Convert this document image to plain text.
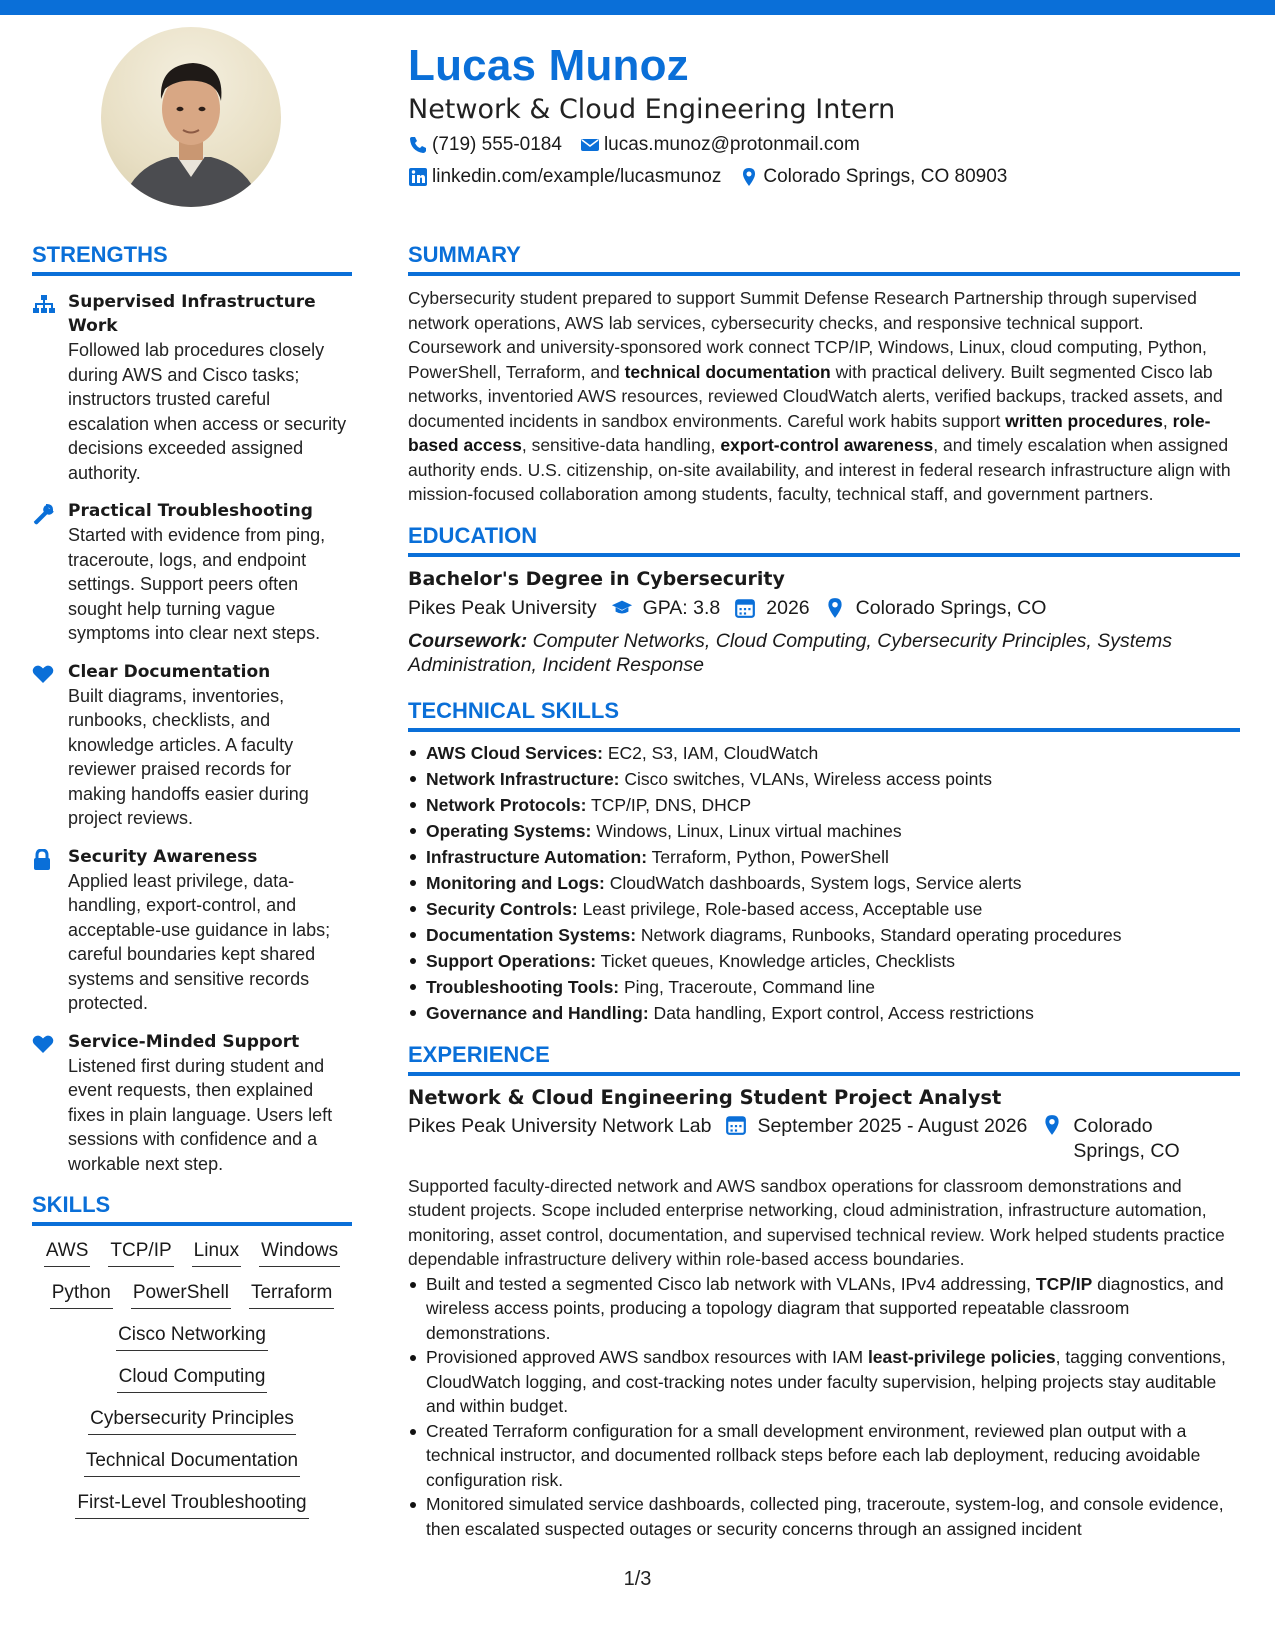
Lucas Munoz
Network & Cloud Engineering Intern
(719) 555-0184 lucas.munoz@protonmail.com
linkedin.com/example/lucasmunoz Colorado Springs, CO 80903
STRENGTHS
Supervised Infrastructure Work
Followed lab procedures closely during AWS and Cisco tasks; instructors trusted careful escalation when access or security decisions exceeded assigned authority.
Practical Troubleshooting
Started with evidence from ping, traceroute, logs, and endpoint settings. Support peers often sought help turning vague symptoms into clear next steps.
Clear Documentation
Built diagrams, inventories, runbooks, checklists, and knowledge articles. A faculty reviewer praised records for making handoffs easier during project reviews.
Security Awareness
Applied least privilege, data-handling, export-control, and acceptable-use guidance in labs; careful boundaries kept shared systems and sensitive records protected.
Service-Minded Support
Listened first during student and event requests, then explained fixes in plain language. Users left sessions with confidence and a workable next step.
SKILLS
AWS TCP/IP Linux Windows
Python PowerShell Terraform
Cisco Networking
Cloud Computing
Cybersecurity Principles
Technical Documentation
First-Level Troubleshooting
SUMMARY
Cybersecurity student prepared to support Summit Defense Research Partnership through supervised network operations, AWS lab services, cybersecurity checks, and responsive technical support. Coursework and university-sponsored work connect TCP/IP, Windows, Linux, cloud computing, Python, PowerShell, Terraform, and technical documentation with practical delivery. Built segmented Cisco lab networks, inventoried AWS resources, reviewed CloudWatch alerts, verified backups, tracked assets, and documented incidents in sandbox environments. Careful work habits support written procedures, role-based access, sensitive-data handling, export-control awareness, and timely escalation when assigned authority ends. U.S. citizenship, on-site availability, and interest in federal research infrastructure align with mission-focused collaboration among students, faculty, technical staff, and government partners.
EDUCATION
Bachelor's Degree in Cybersecurity
Pikes Peak University GPA: 3.8 2026 Colorado Springs, CO
Coursework: Computer Networks, Cloud Computing, Cybersecurity Principles, Systems Administration, Incident Response
TECHNICAL SKILLS
AWS Cloud Services: EC2, S3, IAM, CloudWatch
Network Infrastructure: Cisco switches, VLANs, Wireless access points
Network Protocols: TCP/IP, DNS, DHCP
Operating Systems: Windows, Linux, Linux virtual machines
Infrastructure Automation: Terraform, Python, PowerShell
Monitoring and Logs: CloudWatch dashboards, System logs, Service alerts
Security Controls: Least privilege, Role-based access, Acceptable use
Documentation Systems: Network diagrams, Runbooks, Standard operating procedures
Support Operations: Ticket queues, Knowledge articles, Checklists
Troubleshooting Tools: Ping, Traceroute, Command line
Governance and Handling: Data handling, Export control, Access restrictions
EXPERIENCE
Network & Cloud Engineering Student Project Analyst
Pikes Peak University Network Lab September 2025 - August 2026 Colorado Springs, CO
Supported faculty-directed network and AWS sandbox operations for classroom demonstrations and student projects. Scope included enterprise networking, cloud administration, infrastructure automation, monitoring, asset control, documentation, and supervised technical review. Work helped students practice dependable infrastructure delivery within role-based access boundaries.
Built and tested a segmented Cisco lab network with VLANs, IPv4 addressing, TCP/IP diagnostics, and wireless access points, producing a topology diagram that supported repeatable classroom demonstrations.
Provisioned approved AWS sandbox resources with IAM least-privilege policies, tagging conventions, CloudWatch logging, and cost-tracking notes under faculty supervision, helping projects stay auditable and within budget.
Created Terraform configuration for a small development environment, reviewed plan output with a technical instructor, and documented rollback steps before each lab deployment, reducing avoidable configuration risk.
Monitored simulated service dashboards, collected ping, traceroute, system-log, and console evidence, then escalated suspected outages or security concerns through an assigned incident
1/3
